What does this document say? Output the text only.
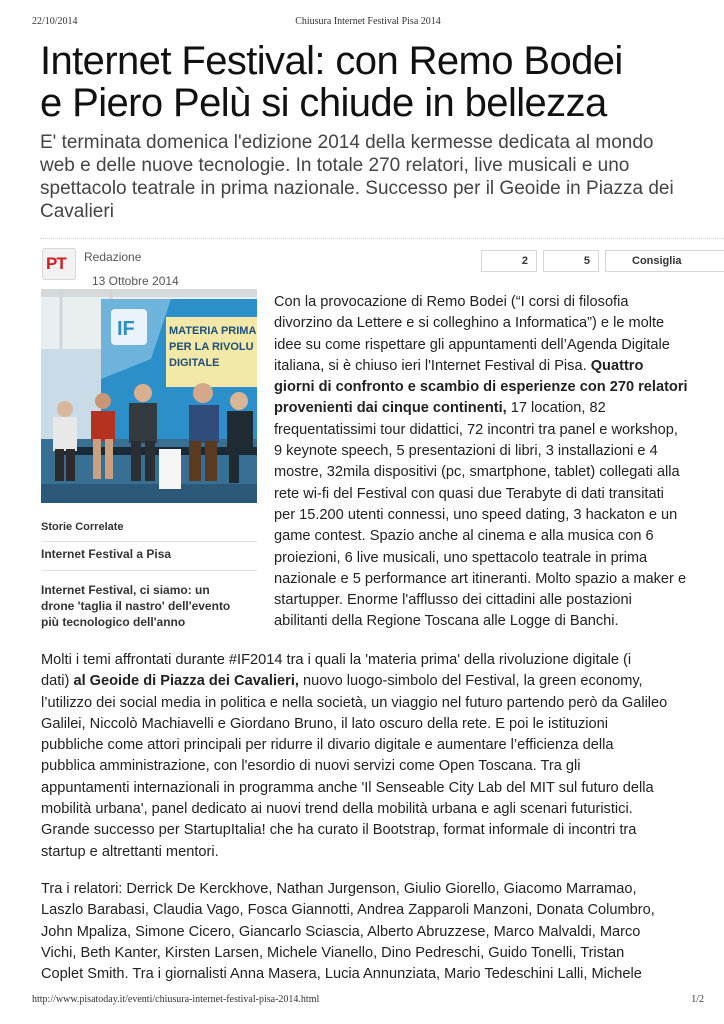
22/10/2014	Chiusura Internet Festival Pisa 2014
Internet Festival: con Remo Bodei
e Piero Pelù si chiude in bellezza
E' terminata domenica l'edizione 2014 della kermesse dedicata al mondo
web e delle nuove tecnologie. In totale 270 relatori, live musicali e uno
spettacolo teatrale in prima nazionale. Successo per il Geoide in Piazza dei
Cavalieri
PT Redazione
13 Ottobre 2014
2	5	Consiglia
IF	MATERIA PRIMA
PER LA RIVOLU
DIGITALE
Storie Correlate
Internet Festival a Pisa
Internet Festival, ci siamo: un
drone 'taglia il nastro' dell'evento
più tecnologico dell'anno
Con la provocazione di Remo Bodei (“I corsi di filosofia
divorzino da Lettere e si colleghino a Informatica”) e le molte
idee su come rispettare gli appuntamenti dell’Agenda Digitale
italiana, si è chiuso ieri l'Internet Festival di Pisa. Quattro
giorni di confronto e scambio di esperienze con 270 relatori
provenienti dai cinque continenti, 17 location, 82
frequentatissimi tour didattici, 72 incontri tra panel e workshop,
9 keynote speech, 5 presentazioni di libri, 3 installazioni e 4
mostre, 32mila dispositivi (pc, smartphone, tablet) collegati alla
rete wi-fi del Festival con quasi due Terabyte di dati transitati
per 15.200 utenti connessi, uno speed dating, 3 hackaton e un
game contest. Spazio anche al cinema e alla musica con 6
proiezioni, 6 live musicali, uno spettacolo teatrale in prima
nazionale e 5 performance art itineranti. Molto spazio a maker e
startupper. Enorme l'afflusso dei cittadini alle postazioni
abilitanti della Regione Toscana alle Logge di Banchi.
Molti i temi affrontati durante #IF2014 tra i quali la 'materia prima' della rivoluzione digitale (i
dati) al Geoide di Piazza dei Cavalieri, nuovo luogo-simbolo del Festival, la green economy,
l’utilizzo dei social media in politica e nella società, un viaggio nel futuro partendo però da Galileo
Galilei, Niccolò Machiavelli e Giordano Bruno, il lato oscuro della rete. E poi le istituzioni
pubbliche come attori principali per ridurre il divario digitale e aumentare l’efficienza della
pubblica amministrazione, con l'esordio di nuovi servizi come Open Toscana. Tra gli
appuntamenti internazionali in programma anche 'Il Senseable City Lab del MIT sul futuro della
mobilità urbana', panel dedicato ai nuovi trend della mobilità urbana e agli scenari futuristici.
Grande successo per StartupItalia! che ha curato il Bootstrap, format informale di incontri tra
startup e altrettanti mentori.
Tra i relatori: Derrick De Kerckhove, Nathan Jurgenson, Giulio Giorello, Giacomo Marramao,
Laszlo Barabasi, Claudia Vago, Fosca Giannotti, Andrea Zapparoli Manzoni, Donata Columbro,
John Mpaliza, Simone Cicero, Giancarlo Sciascia, Alberto Abruzzese, Marco Malvaldi, Marco
Vichi, Beth Kanter, Kirsten Larsen, Michele Vianello, Dino Pedreschi, Guido Tonelli, Tristan
Coplet Smith. Tra i giornalisti Anna Masera, Lucia Annunziata, Mario Tedeschini Lalli, Michele
http://www.pisatoday.it/eventi/chiusura-internet-festival-pisa-2014.html	1/2
